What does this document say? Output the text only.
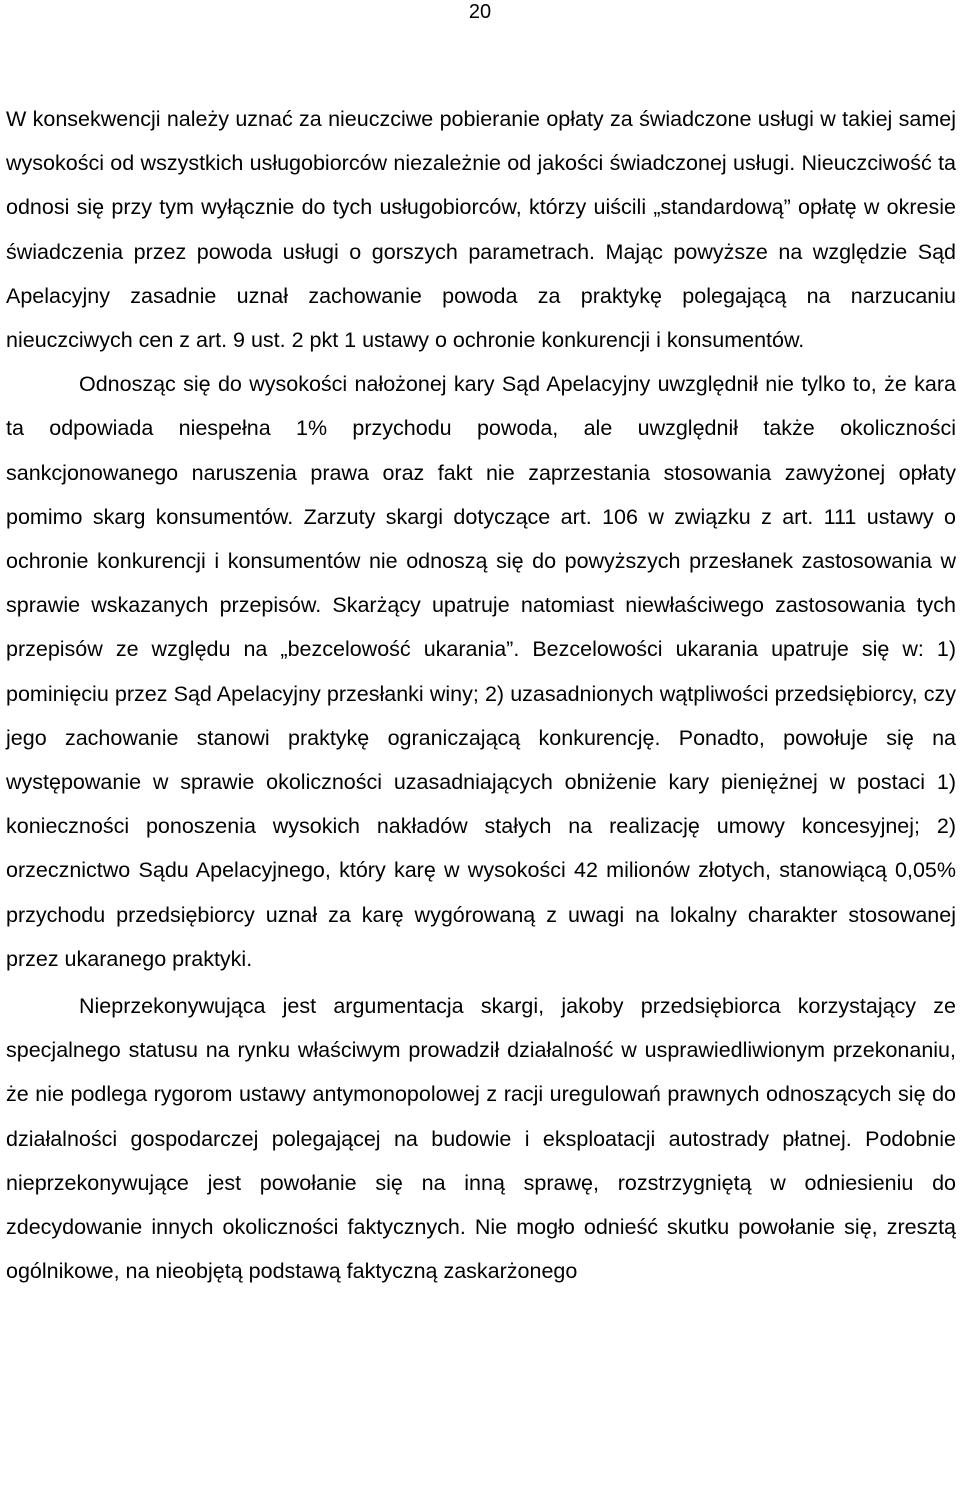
20

W konsekwencji należy uznać za nieuczciwe pobieranie opłaty za świadczone usługi w takiej samej wysokości od wszystkich usługobiorców niezależnie od jakości świadczonej usługi. Nieuczciwość ta odnosi się przy tym wyłącznie do tych usługobiorców, którzy uiścili „standardową” opłatę w okresie świadczenia przez powoda usługi o gorszych parametrach. Mając powyższe na względzie Sąd Apelacyjny zasadnie uznał zachowanie powoda za praktykę polegającą na narzucaniu nieuczciwych cen z art. 9 ust. 2 pkt 1 ustawy o ochronie konkurencji i konsumentów.

Odnosząc się do wysokości nałożonej kary Sąd Apelacyjny uwzględnił nie tylko to, że kara ta odpowiada niespełna 1% przychodu powoda, ale uwzględnił także okoliczności sankcjonowanego naruszenia prawa oraz fakt nie zaprzestania stosowania zawyżonej opłaty pomimo skarg konsumentów. Zarzuty skargi dotyczące art. 106 w związku z art. 111 ustawy o ochronie konkurencji i konsumentów nie odnoszą się do powyższych przesłanek zastosowania w sprawie wskazanych przepisów. Skarżący upatruje natomiast niewłaściwego zastosowania tych przepisów ze względu na „bezcelowość ukarania”. Bezcelowości ukarania upatruje się w: 1) pominięciu przez Sąd Apelacyjny przesłanki winy; 2) uzasadnionych wątpliwości przedsiębiorcy, czy jego zachowanie stanowi praktykę ograniczającą konkurencję. Ponadto, powołuje się na występowanie w sprawie okoliczności uzasadniających obniżenie kary pieniężnej w postaci 1) konieczności ponoszenia wysokich nakładów stałych na realizację umowy koncesyjnej; 2) orzecznictwo Sądu Apelacyjnego, który karę w wysokości 42 milionów złotych, stanowiącą 0,05% przychodu przedsiębiorcy uznał za karę wygórowaną z uwagi na lokalny charakter stosowanej przez ukaranego praktyki.

Nieprzekonywująca jest argumentacja skargi, jakoby przedsiębiorca korzystający ze specjalnego statusu na rynku właściwym prowadził działalność w usprawiedliwionym przekonaniu, że nie podlega rygorom ustawy antymonopolowej z racji uregulowań prawnych odnoszących się do działalności gospodarczej polegającej na budowie i eksploatacji autostrady płatnej. Podobnie nieprzekonywujące jest powołanie się na inną sprawę, rozstrzygniętą w odniesieniu do zdecydowanie innych okoliczności faktycznych. Nie mogło odnieść skutku powołanie się, zresztą ogólnikowe, na nieobjętą podstawą faktyczną zaskarżonego
